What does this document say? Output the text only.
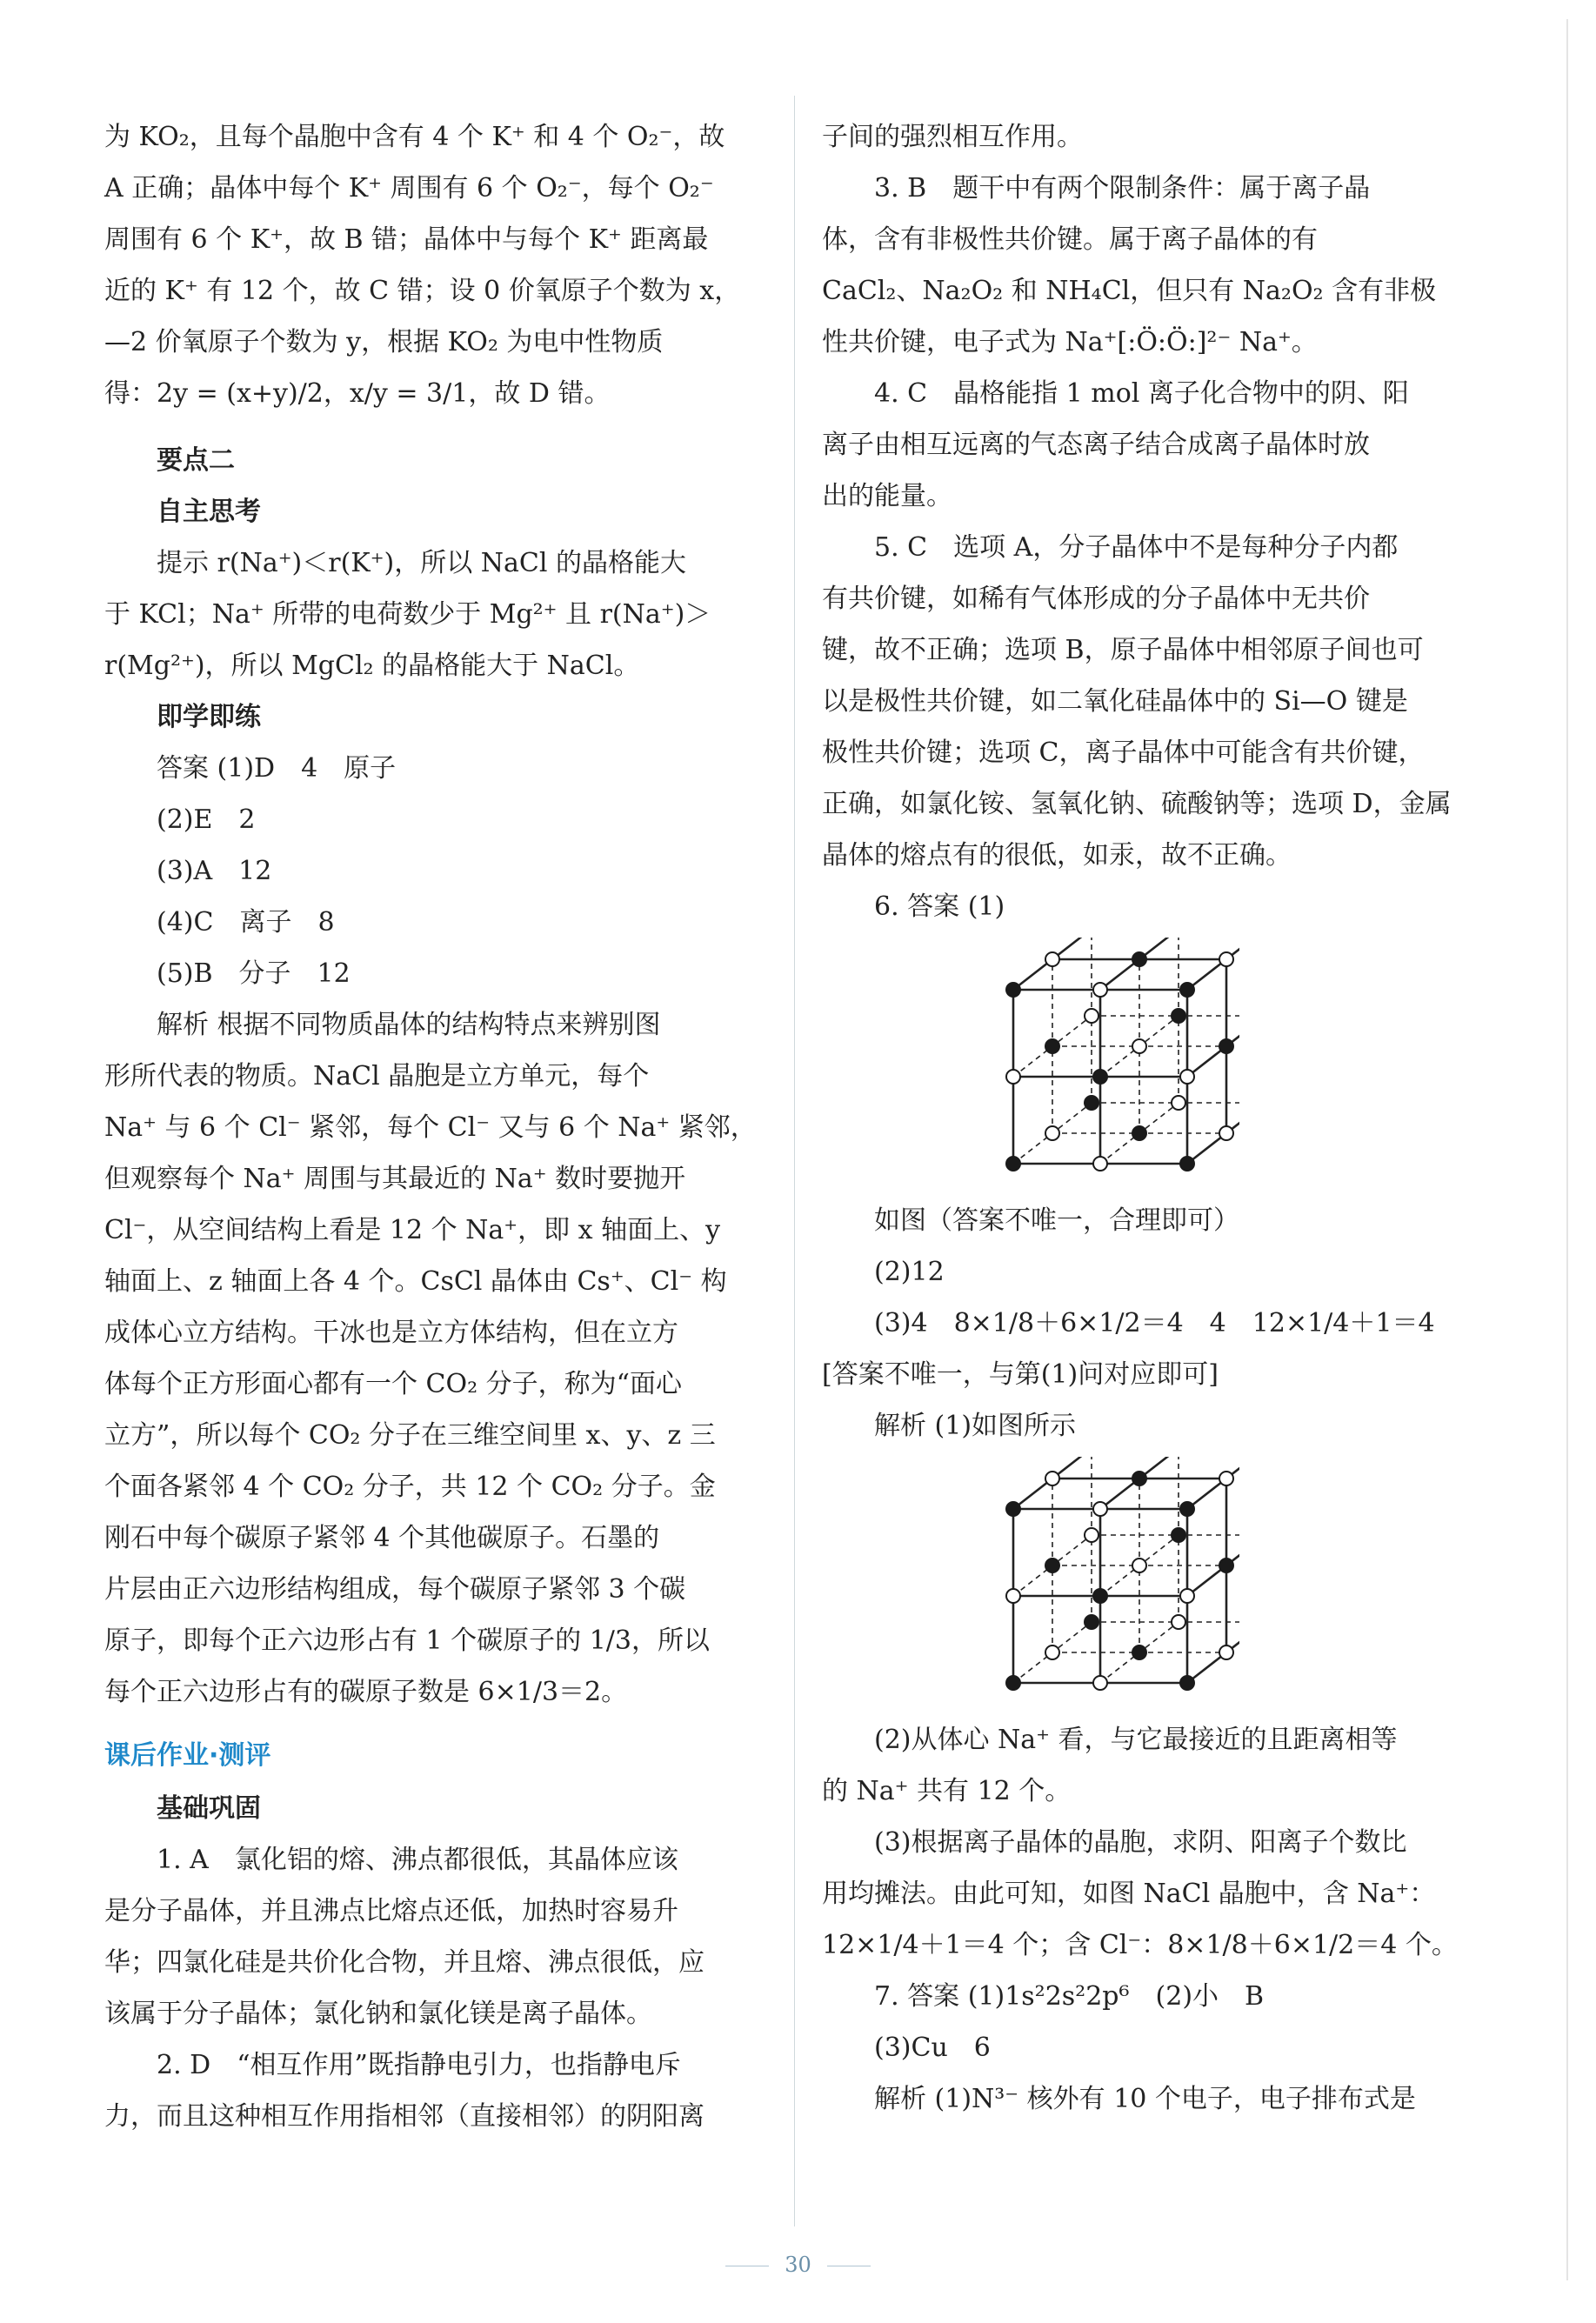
为 KO₂，且每个晶胞中含有 4 个 K⁺ 和 4 个 O₂⁻，故

A 正确；晶体中每个 K⁺ 周围有 6 个 O₂⁻，每个 O₂⁻

周围有 6 个 K⁺，故 B 错；晶体中与每个 K⁺ 距离最

近的 K⁺ 有 12 个，故 C 错；设 0 价氧原子个数为 x，

—2 价氧原子个数为 y，根据 KO₂ 为电中性物质

得：2y = (x+y)/2，x/y = 3/1，故 D 错。

要点二

自主思考

提示 r(Na⁺)＜r(K⁺)，所以 NaCl 的晶格能大

于 KCl；Na⁺ 所带的电荷数少于 Mg²⁺ 且 r(Na⁺)＞

r(Mg²⁺)，所以 MgCl₂ 的晶格能大于 NaCl。

即学即练

答案 (1)D　4　原子

(2)E　2

(3)A　12

(4)C　离子　8

(5)B　分子　12

解析 根据不同物质晶体的结构特点来辨别图

形所代表的物质。NaCl 晶胞是立方单元，每个

Na⁺ 与 6 个 Cl⁻ 紧邻，每个 Cl⁻ 又与 6 个 Na⁺ 紧邻，

但观察每个 Na⁺ 周围与其最近的 Na⁺ 数时要抛开

Cl⁻，从空间结构上看是 12 个 Na⁺，即 x 轴面上、y

轴面上、z 轴面上各 4 个。CsCl 晶体由 Cs⁺、Cl⁻ 构

成体心立方结构。干冰也是立方体结构，但在立方

体每个正方形面心都有一个 CO₂ 分子，称为“面心

立方”，所以每个 CO₂ 分子在三维空间里 x、y、z 三

个面各紧邻 4 个 CO₂ 分子，共 12 个 CO₂ 分子。金

刚石中每个碳原子紧邻 4 个其他碳原子。石墨的

片层由正六边形结构组成，每个碳原子紧邻 3 个碳

原子，即每个正六边形占有 1 个碳原子的 1/3，所以

每个正六边形占有的碳原子数是 6×1/3＝2。

课后作业·测评

基础巩固

1. A　氯化铝的熔、沸点都很低，其晶体应该

是分子晶体，并且沸点比熔点还低，加热时容易升

华；四氯化硅是共价化合物，并且熔、沸点很低，应

该属于分子晶体；氯化钠和氯化镁是离子晶体。

2. D　“相互作用”既指静电引力，也指静电斥

力，而且这种相互作用指相邻（直接相邻）的阴阳离

子间的强烈相互作用。

3. B　题干中有两个限制条件：属于离子晶

体，含有非极性共价键。属于离子晶体的有

CaCl₂、Na₂O₂ 和 NH₄Cl，但只有 Na₂O₂ 含有非极

性共价键，电子式为 Na⁺[:Ö:Ö:]²⁻ Na⁺。

4. C　晶格能指 1 mol 离子化合物中的阴、阳

离子由相互远离的气态离子结合成离子晶体时放

出的能量。

5. C　选项 A，分子晶体中不是每种分子内都

有共价键，如稀有气体形成的分子晶体中无共价

键，故不正确；选项 B，原子晶体中相邻原子间也可

以是极性共价键，如二氧化硅晶体中的 Si—O 键是

极性共价键；选项 C，离子晶体中可能含有共价键，

正确，如氯化铵、氢氧化钠、硫酸钠等；选项 D，金属

晶体的熔点有的很低，如汞，故不正确。

6. 答案 (1)

如图（答案不唯一，合理即可）

(2)12

(3)4　8×1/8＋6×1/2＝4　4　12×1/4＋1＝4

[答案不唯一，与第(1)问对应即可]

解析 (1)如图所示

(2)从体心 Na⁺ 看，与它最接近的且距离相等

的 Na⁺ 共有 12 个。

(3)根据离子晶体的晶胞，求阴、阳离子个数比

用均摊法。由此可知，如图 NaCl 晶胞中，含 Na⁺：

12×1/4＋1＝4 个；含 Cl⁻：8×1/8＋6×1/2＝4 个。

7. 答案 (1)1s²2s²2p⁶　(2)小　B

(3)Cu　6

解析 (1)N³⁻ 核外有 10 个电子，电子排布式是

30
